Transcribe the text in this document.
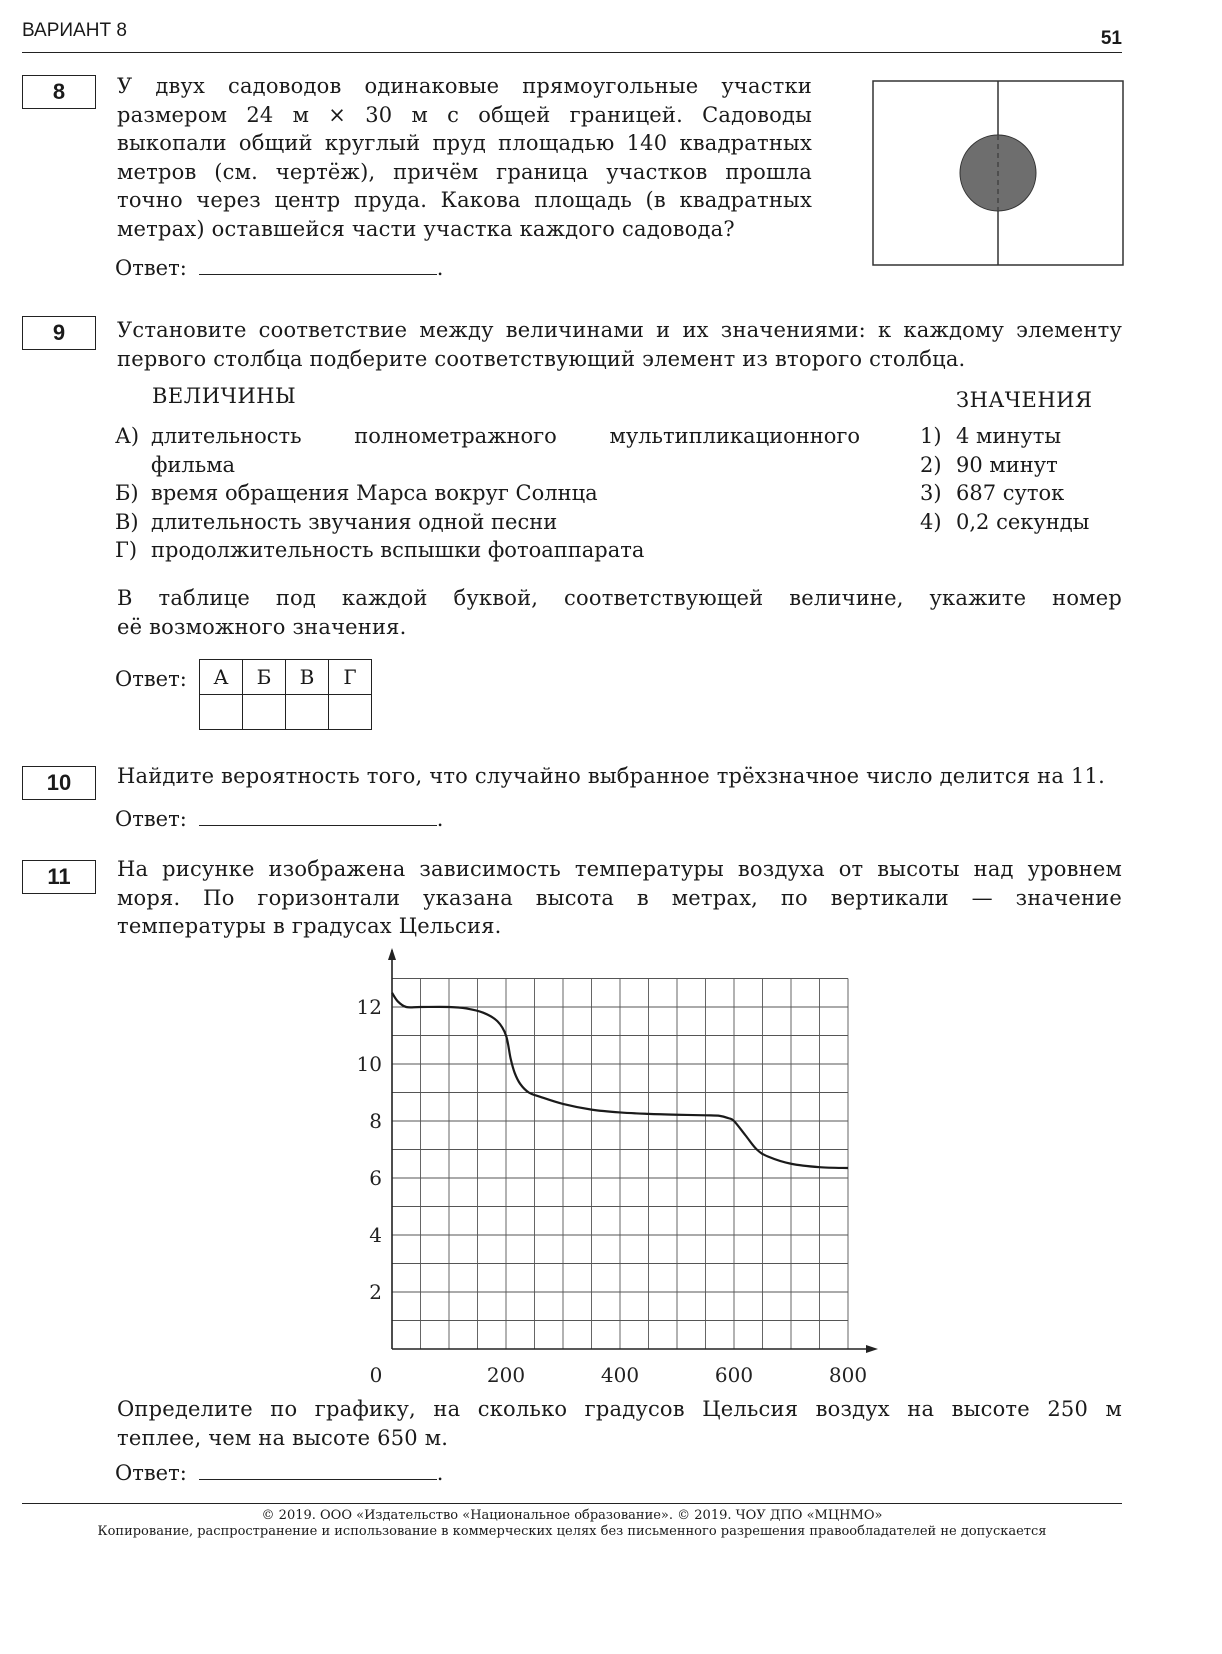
ВАРИАНТ 8	51
8	У двух садоводов одинаковые прямоугольные участки
размером 24 м × 30 м с общей границей. Садоводы
выкопали общий круглый пруд площадью 140 квадратных
метров (см. чертёж), причём граница участков прошла
точно через центр пруда. Какова площадь (в квадратных
метрах) оставшейся части участка каждого садовода?
Ответ:	.
9	Установите соответствие между величинами и их значениями: к каждому элементу
первого столбца подберите соответствующий элемент из второго столбца.
ВЕЛИЧИНЫ	ЗНАЧЕНИЯ
А) длительность полнометражного мультипликационного
фильма
Б) время обращения Марса вокруг Солнца
В) длительность звучания одной песни
Г) продолжительность вспышки фотоаппарата
1) 4 минуты
2) 90 минут
3) 687 суток
4) 0,2 секунды
В таблице под каждой буквой, соответствующей величине, укажите номер
её возможного значения.
Ответ: А	Б	В	Г

10	Найдите вероятность того, что случайно выбранное трёхзначное число делится на 11.
Ответ:	.
11	На рисунке изображена зависимость температуры воздуха от высоты над уровнем
моря. По горизонтали указана высота в метрах, по вертикали — значение
температуры в градусах Цельсия.
2
4
6
8
10
12
0	200	400	600	800
Определите по графику, на сколько градусов Цельсия воздух на высоте 250 м
теплее, чем на высоте 650 м.
Ответ:	.
© 2019. ООО «Издательство «Национальное образование». © 2019. ЧОУ ДПО «МЦНМО»
Копирование, распространение и использование в коммерческих целях без письменного разрешения правообладателей не допускается
